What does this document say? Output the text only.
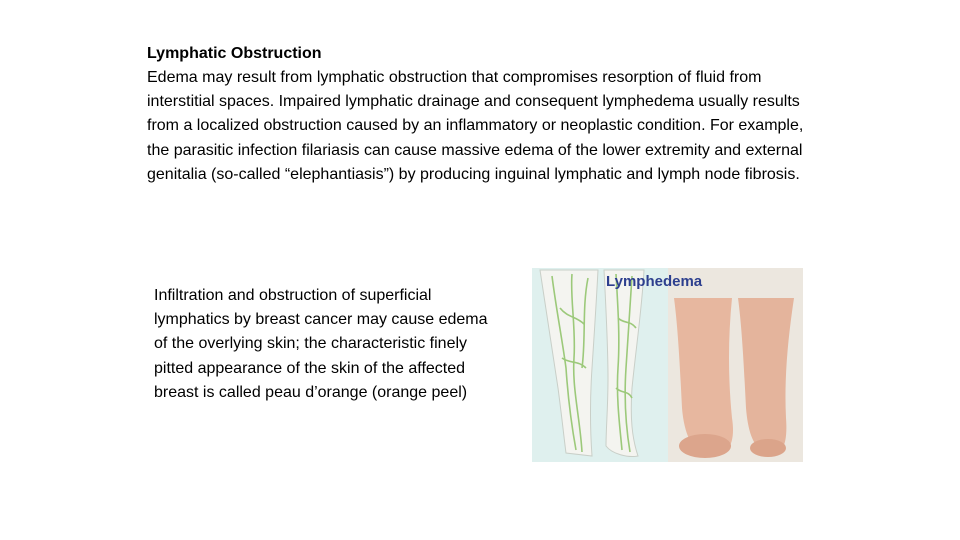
Lymphatic Obstruction

Edema may result from lymphatic obstruction that compromises resorption of fluid from interstitial spaces. Impaired lymphatic drainage and consequent lymphedema usually results from a localized obstruction caused by an inflammatory or neoplastic condition. For example, the parasitic infection filariasis can cause massive edema of the lower extremity and external genitalia (so-called “elephantiasis”) by producing inguinal lymphatic and lymph node fibrosis.

Infiltration and obstruction of superficial lymphatics by breast cancer may cause edema of the overlying skin; the characteristic finely pitted appearance of the skin of the affected breast is called peau d’orange (orange peel)

Lymphedema
